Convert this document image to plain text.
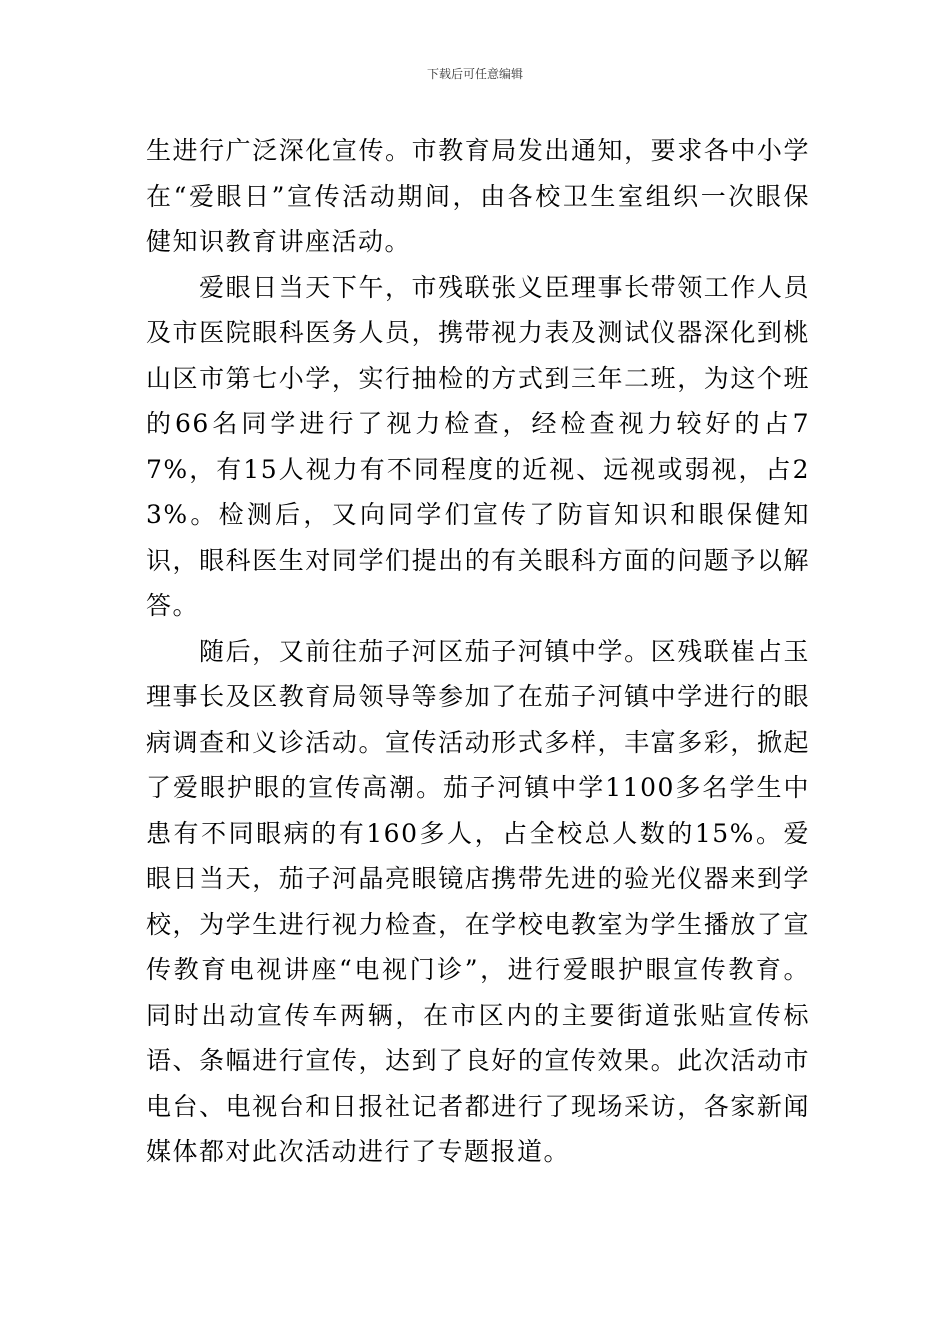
下载后可任意编辑

生进行广泛深化宣传。市教育局发出通知，要求各中小学在“爱眼日”宣传活动期间，由各校卫生室组织一次眼保健知识教育讲座活动。

爱眼日当天下午，市残联张义臣理事长带领工作人员及市医院眼科医务人员，携带视力表及测试仪器深化到桃山区市第七小学，实行抽检的方式到三年二班，为这个班的66名同学进行了视力检查，经检查视力较好的占77%，有15人视力有不同程度的近视、远视或弱视，占23%。检测后，又向同学们宣传了防盲知识和眼保健知识，眼科医生对同学们提出的有关眼科方面的问题予以解答。

随后，又前往茄子河区茄子河镇中学。区残联崔占玉理事长及区教育局领导等参加了在茄子河镇中学进行的眼病调查和义诊活动。宣传活动形式多样，丰富多彩，掀起了爱眼护眼的宣传高潮。茄子河镇中学1100多名学生中患有不同眼病的有160多人，占全校总人数的15%。爱眼日当天，茄子河晶亮眼镜店携带先进的验光仪器来到学校，为学生进行视力检查，在学校电教室为学生播放了宣传教育电视讲座“电视门诊”，进行爱眼护眼宣传教育。同时出动宣传车两辆，在市区内的主要街道张贴宣传标语、条幅进行宣传，达到了良好的宣传效果。此次活动市电台、电视台和日报社记者都进行了现场采访，各家新闻媒体都对此次活动进行了专题报道。
